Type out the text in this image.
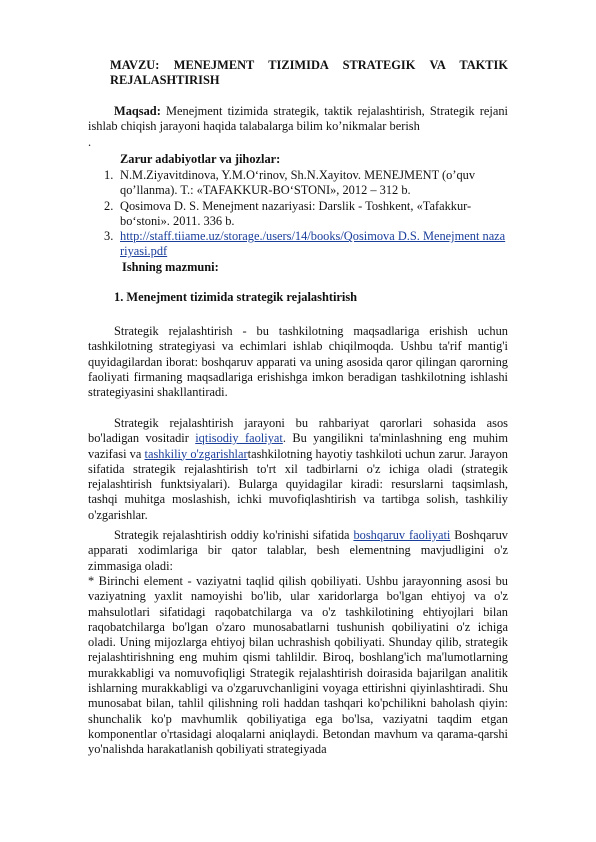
MAVZU: MENEJMENT TIZIMIDA STRATEGIK VA TAKTIK
REJALASHTIRISH
Maqsad: Menejment tizimida strategik, taktik rejalashtirish, Strategik rejani ishlab chiqish jarayoni haqida talabalarga bilim ko’nikmalar berish
.
Zarur adabiyotlar va jihozlar:
1. N.M.Ziyavitdinova, Y.M.O‘rinov, Sh.N.Xayitov. MENEJMENT (o’quv qo’llanma). T.: «TAFAKKUR-BO‘STONI», 2012 – 312 b.
2. Qosimova D. S. Menejment nazariyasi: Darslik - Toshkent, «Tafakkur-bo‘stoni». 2011. 336 b.
3. http://staff.tiiame.uz/storage./users/14/books/Qosimova D.S. Menejment nazariyasi.pdf
Ishning mazmuni:
1. Menejment tizimida strategik rejalashtirish
Strategik rejalashtirish - bu tashkilotning maqsadlariga erishish uchun tashkilotning strategiyasi va echimlari ishlab chiqilmoqda. Ushbu ta'rif mantig'i quyidagilardan iborat: boshqaruv apparati va uning asosida qaror qilingan qarorning faoliyati firmaning maqsadlariga erishishga imkon beradigan tashkilotning ishlashi strategiyasini shakllantiradi.
Strategik rejalashtirish jarayoni bu rahbariyat qarorlari sohasida asos bo'ladigan vositadir iqtisodiy faoliyat. Bu yangilikni ta'minlashning eng muhim vazifasi va tashkiliy o'zgarishlartashkilotning hayotiy tashkiloti uchun zarur. Jarayon sifatida strategik rejalashtirish to'rt xil tadbirlarni o'z ichiga oladi (strategik rejalashtirish funktsiyalari). Bularga quyidagilar kiradi: resurslarni taqsimlash, tashqi muhitga moslashish, ichki muvofiqlashtirish va tartibga solish, tashkiliy o'zgarishlar.
Strategik rejalashtirish oddiy ko'rinishi sifatida boshqaruv faoliyati Boshqaruv apparati xodimlariga bir qator talablar, besh elementning mavjudligini o'z zimmasiga oladi:
* Birinchi element - vaziyatni taqlid qilish qobiliyati. Ushbu jarayonning asosi bu vaziyatning yaxlit namoyishi bo'lib, ular xaridorlarga bo'lgan ehtiyoj va o'z mahsulotlari sifatidagi raqobatchilarga va o'z tashkilotining ehtiyojlari bilan raqobatchilarga bo'lgan o'zaro munosabatlarni tushunish qobiliyatini o'z ichiga oladi. Uning mijozlarga ehtiyoj bilan uchrashish qobiliyati. Shunday qilib, strategik rejalashtirishning eng muhim qismi tahlildir. Biroq, boshlang'ich ma'lumotlarning murakkabligi va nomuvofiqligi Strategik rejalashtirish doirasida bajarilgan analitik ishlarning murakkabligi va o'zgaruvchanligini voyaga ettirishni qiyinlashtiradi. Shu munosabat bilan, tahlil qilishning roli haddan tashqari ko'pchilikni baholash qiyin: shunchalik ko'p mavhumlik qobiliyatiga ega bo'lsa, vaziyatni taqdim etgan komponentlar o'rtasidagi aloqalarni aniqlaydi. Betondan mavhum va qarama-qarshi yo'nalishda harakatlanish qobiliyati strategiyada
